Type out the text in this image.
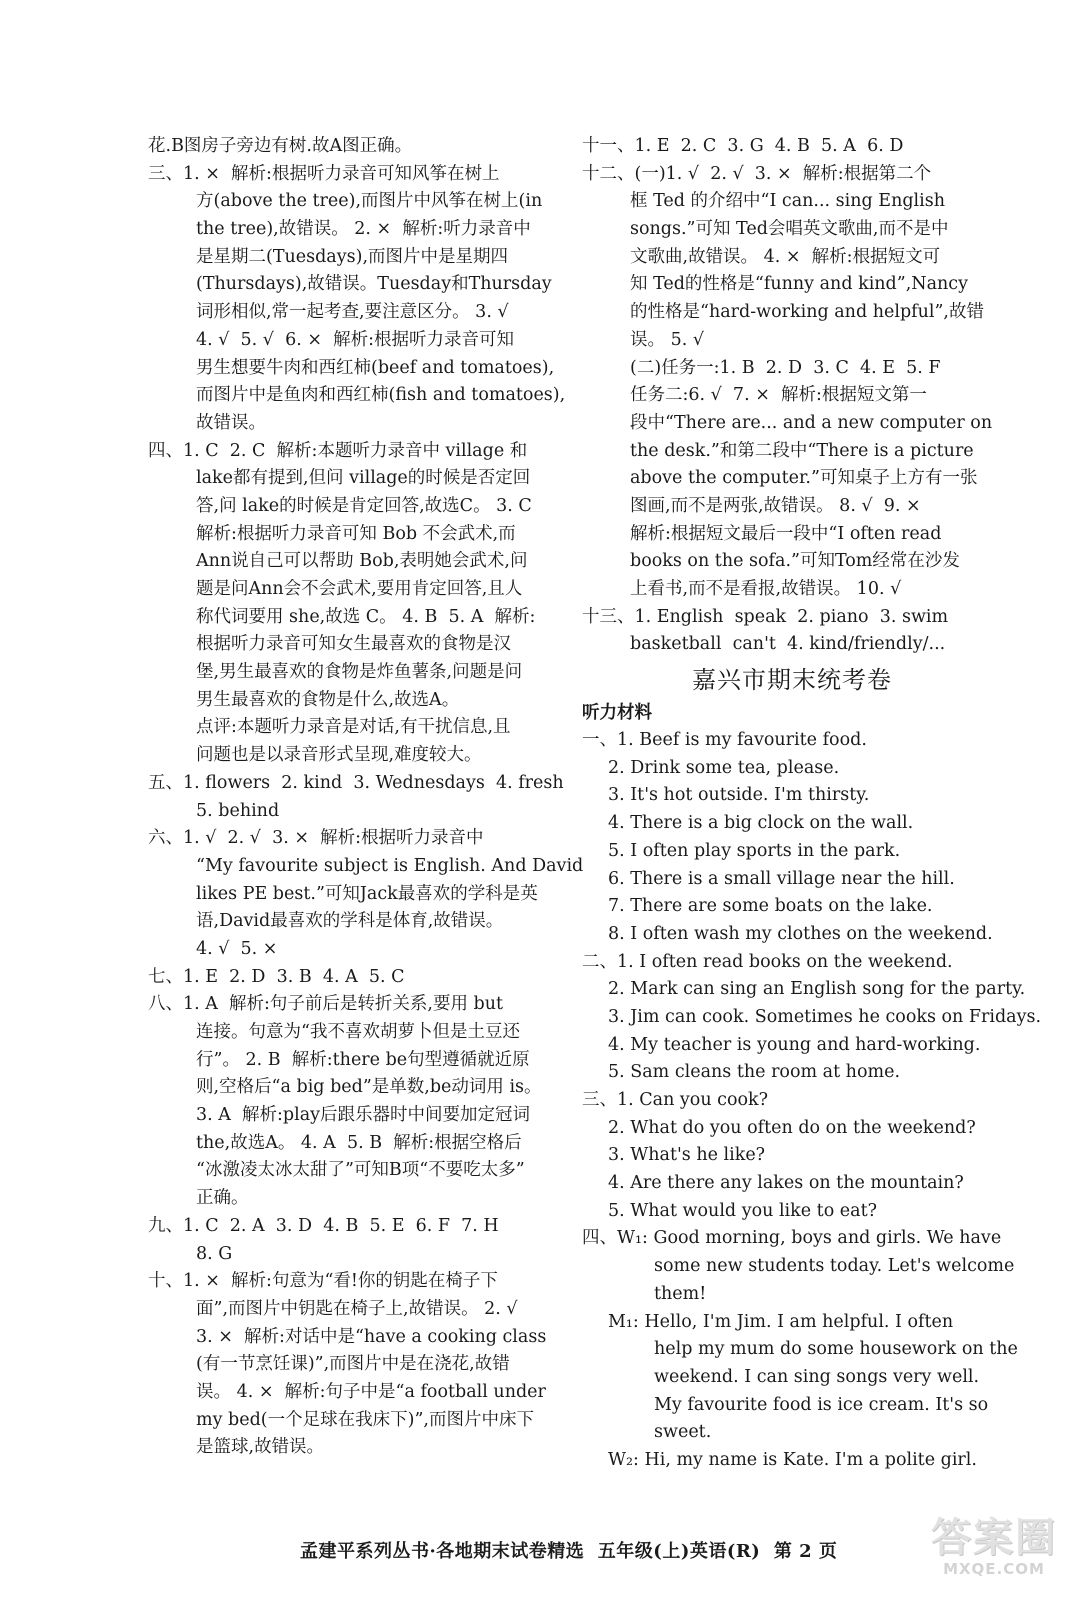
花.B图房子旁边有树.故A图正确。
三、1. ×  解析:根据听力录音可知风筝在树上
方(above the tree),而图片中风筝在树上(in
the tree),故错误。 2. ×  解析:听力录音中
是星期二(Tuesdays),而图片中是星期四
(Thursdays),故错误。Tuesday和Thursday
词形相似,常一起考查,要注意区分。 3. √
4. √  5. √  6. ×  解析:根据听力录音可知
男生想要牛肉和西红柿(beef and tomatoes),
而图片中是鱼肉和西红柿(fish and tomatoes),
故错误。
四、1. C  2. C  解析:本题听力录音中 village 和
lake都有提到,但问 village的时候是否定回
答,问 lake的时候是肯定回答,故选C。 3. C
解析:根据听力录音可知 Bob 不会武术,而
Ann说自己可以帮助 Bob,表明她会武术,问
题是问Ann会不会武术,要用肯定回答,且人
称代词要用 she,故选 C。 4. B  5. A  解析:
根据听力录音可知女生最喜欢的食物是汉
堡,男生最喜欢的食物是炸鱼薯条,问题是问
男生最喜欢的食物是什么,故选A。
点评:本题听力录音是对话,有干扰信息,且
问题也是以录音形式呈现,难度较大。
五、1. flowers  2. kind  3. Wednesdays  4. fresh
5. behind
六、1. √  2. √  3. ×  解析:根据听力录音中
“My favourite subject is English. And David
likes PE best.”可知Jack最喜欢的学科是英
语,David最喜欢的学科是体育,故错误。
4. √  5. ×
七、1. E  2. D  3. B  4. A  5. C
八、1. A  解析:句子前后是转折关系,要用 but
连接。句意为“我不喜欢胡萝卜但是土豆还
行”。 2. B  解析:there be句型遵循就近原
则,空格后“a big bed”是单数,be动词用 is。
3. A  解析:play后跟乐器时中间要加定冠词
the,故选A。 4. A  5. B  解析:根据空格后
“冰激凌太冰太甜了”可知B项“不要吃太多”
正确。
九、1. C  2. A  3. D  4. B  5. E  6. F  7. H
8. G
十、1. ×  解析:句意为“看!你的钥匙在椅子下
面”,而图片中钥匙在椅子上,故错误。 2. √
3. ×  解析:对话中是“have a cooking class
(有一节烹饪课)”,而图片中是在浇花,故错
误。 4. ×  解析:句子中是“a football under
my bed(一个足球在我床下)”,而图片中床下
是篮球,故错误。
十一、1. E  2. C  3. G  4. B  5. A  6. D
十二、(一)1. √  2. √  3. ×  解析:根据第二个
框 Ted 的介绍中“I can... sing English
songs.”可知 Ted会唱英文歌曲,而不是中
文歌曲,故错误。 4. ×  解析:根据短文可
知 Ted的性格是“funny and kind”,Nancy
的性格是“hard-working and helpful”,故错
误。 5. √
(二)任务一:1. B  2. D  3. C  4. E  5. F
任务二:6. √  7. ×  解析:根据短文第一
段中“There are... and a new computer on
the desk.”和第二段中“There is a picture
above the computer.”可知桌子上方有一张
图画,而不是两张,故错误。 8. √  9. ×
解析:根据短文最后一段中“I often read
books on the sofa.”可知Tom经常在沙发
上看书,而不是看报,故错误。 10. √
十三、1. English  speak  2. piano  3. swim
basketball  can't  4. kind/friendly/...
嘉兴市期末统考卷
听力材料
一、1. Beef is my favourite food.
2. Drink some tea, please.
3. It's hot outside. I'm thirsty.
4. There is a big clock on the wall.
5. I often play sports in the park.
6. There is a small village near the hill.
7. There are some boats on the lake.
8. I often wash my clothes on the weekend.
二、1. I often read books on the weekend.
2. Mark can sing an English song for the party.
3. Jim can cook. Sometimes he cooks on Fridays.
4. My teacher is young and hard-working.
5. Sam cleans the room at home.
三、1. Can you cook?
2. What do you often do on the weekend?
3. What's he like?
4. Are there any lakes on the mountain?
5. What would you like to eat?
四、W₁: Good morning, boys and girls. We have
some new students today. Let's welcome
them!
M₁: Hello, I'm Jim. I am helpful. I often
help my mum do some housework on the
weekend. I can sing songs very well.
My favourite food is ice cream. It's so
sweet.
W₂: Hi, my name is Kate. I'm a polite girl.
孟建平系列丛书·各地期末试卷精选  五年级(上)英语(R)  第 2 页	答案圈
MXQE.COM
